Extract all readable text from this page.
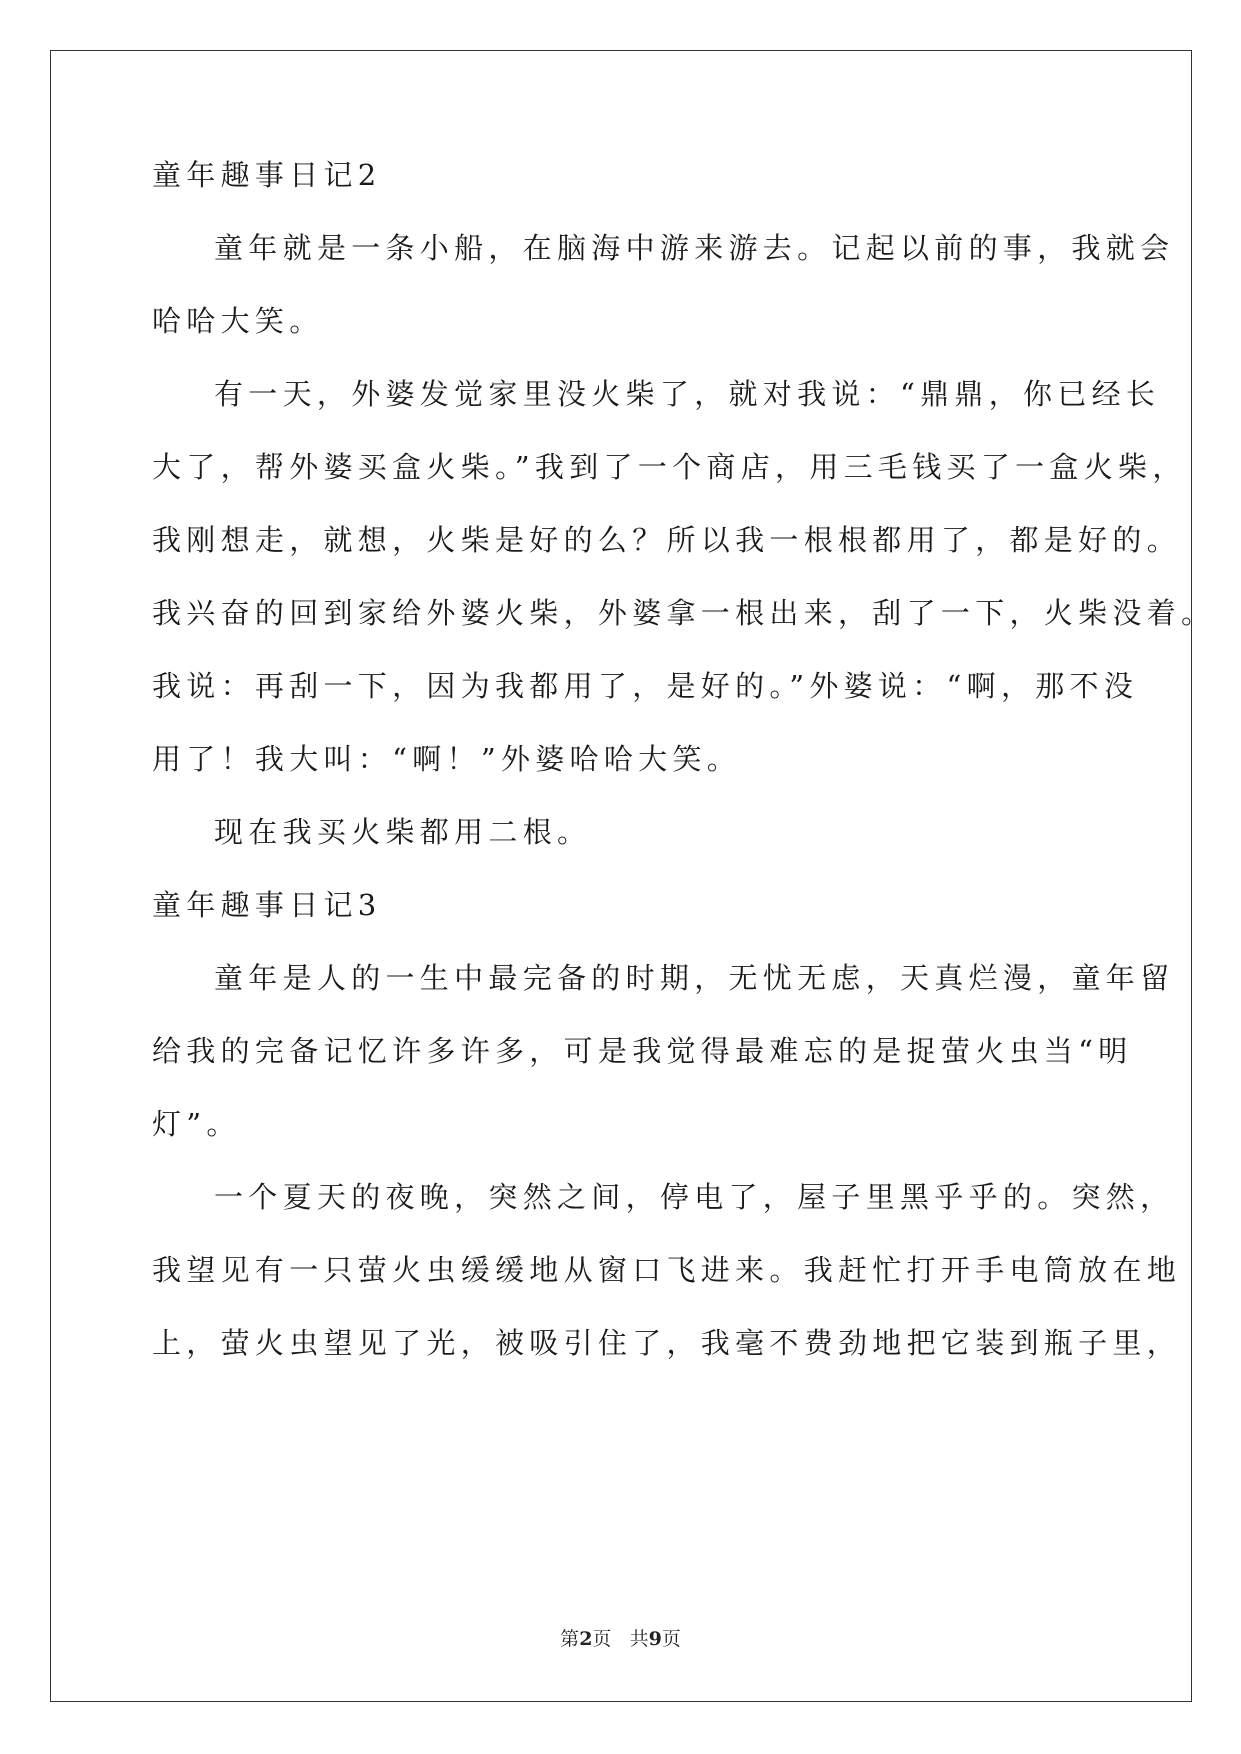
童年趣事日记2
童年就是一条小船，在脑海中游来游去。记起以前的事，我就会
哈哈大笑。
有一天，外婆发觉家里没火柴了，就对我说：“鼎鼎，你已经长
大了，帮外婆买盒火柴。”我到了一个商店，用三毛钱买了一盒火柴，
我刚想走，就想，火柴是好的么？所以我一根根都用了，都是好的。
我兴奋的回到家给外婆火柴，外婆拿一根出来，刮了一下，火柴没着。
我说：再刮一下，因为我都用了，是好的。”外婆说：“啊，那不没
用了！我大叫：“啊！”外婆哈哈大笑。
现在我买火柴都用二根。
童年趣事日记3
童年是人的一生中最完备的时期，无忧无虑，天真烂漫，童年留
给我的完备记忆许多许多，可是我觉得最难忘的是捉萤火虫当“明
灯”。
一个夏天的夜晚，突然之间，停电了，屋子里黑乎乎的。突然，
我望见有一只萤火虫缓缓地从窗口飞进来。我赶忙打开手电筒放在地
上，萤火虫望见了光，被吸引住了，我毫不费劲地把它装到瓶子里，
第2页 共9页
